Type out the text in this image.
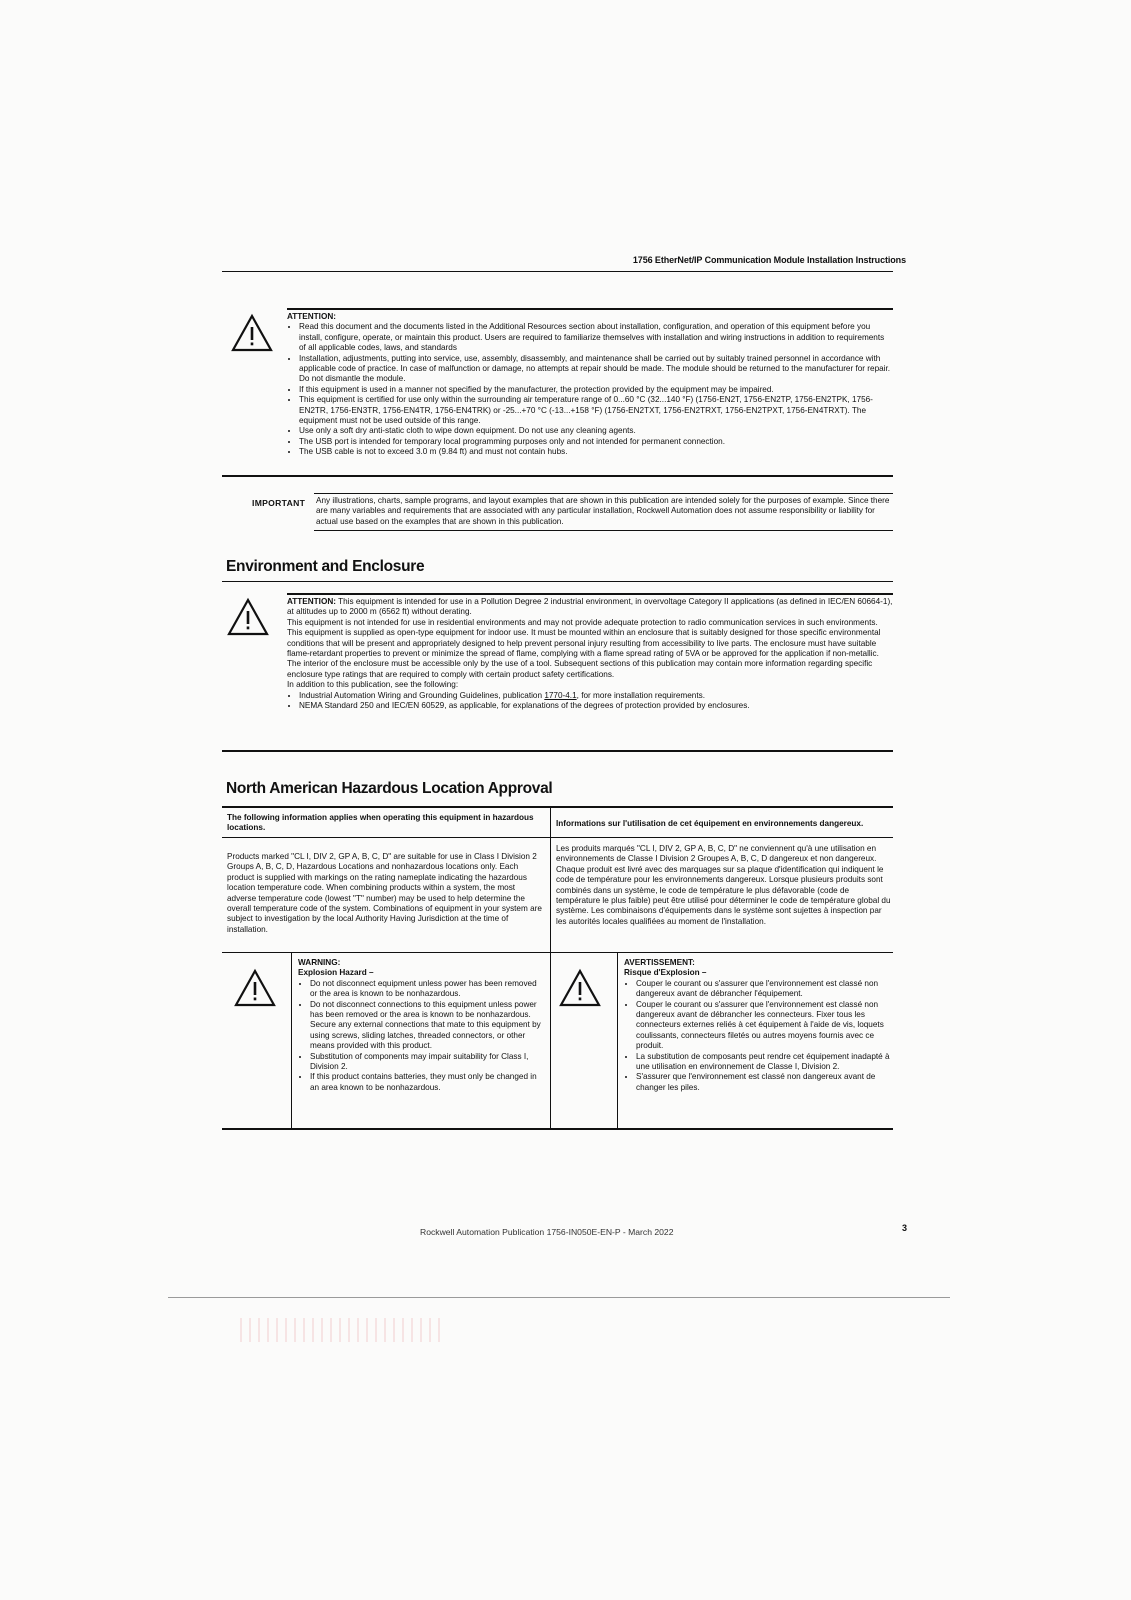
1756 EtherNet/IP Communication Module Installation Instructions
ATTENTION:
• Read this document and the documents listed in the Additional Resources section about installation, configuration, and operation of this equipment before you install, configure, operate, or maintain this product. Users are required to familiarize themselves with installation and wiring instructions in addition to requirements of all applicable codes, laws, and standards
• Installation, adjustments, putting into service, use, assembly, disassembly, and maintenance shall be carried out by suitably trained personnel in accordance with applicable code of practice. In case of malfunction or damage, no attempts at repair should be made. The module should be returned to the manufacturer for repair. Do not dismantle the module.
• If this equipment is used in a manner not specified by the manufacturer, the protection provided by the equipment may be impaired.
• This equipment is certified for use only within the surrounding air temperature range of 0...60 °C (32...140 °F) (1756-EN2T, 1756-EN2TP, 1756-EN2TPK, 1756-EN2TR, 1756-EN3TR, 1756-EN4TR, 1756-EN4TRK) or -25...+70 °C (-13...+158 °F) (1756-EN2TXT, 1756-EN2TRXT, 1756-EN2TPXT, 1756-EN4TRXT). The equipment must not be used outside of this range.
• Use only a soft dry anti-static cloth to wipe down equipment. Do not use any cleaning agents.
• The USB port is intended for temporary local programming purposes only and not intended for permanent connection.
• The USB cable is not to exceed 3.0 m (9.84 ft) and must not contain hubs.
IMPORTANT Any illustrations, charts, sample programs, and layout examples that are shown in this publication are intended solely for the purposes of example. Since there are many variables and requirements that are associated with any particular installation, Rockwell Automation does not assume responsibility or liability for actual use based on the examples that are shown in this publication.
Environment and Enclosure
ATTENTION: This equipment is intended for use in a Pollution Degree 2 industrial environment, in overvoltage Category II applications (as defined in IEC/EN 60664-1), at altitudes up to 2000 m (6562 ft) without derating.
This equipment is not intended for use in residential environments and may not provide adequate protection to radio communication services in such environments.
This equipment is supplied as open-type equipment for indoor use. It must be mounted within an enclosure that is suitably designed for those specific environmental conditions that will be present and appropriately designed to help prevent personal injury resulting from accessibility to live parts. The enclosure must have suitable flame-retardant properties to prevent or minimize the spread of flame, complying with a flame spread rating of 5VA or be approved for the application if non-metallic. The interior of the enclosure must be accessible only by the use of a tool. Subsequent sections of this publication may contain more information regarding specific enclosure type ratings that are required to comply with certain product safety certifications.
In addition to this publication, see the following:
• Industrial Automation Wiring and Grounding Guidelines, publication 1770-4.1, for more installation requirements.
• NEMA Standard 250 and IEC/EN 60529, as applicable, for explanations of the degrees of protection provided by enclosures.
North American Hazardous Location Approval
The following information applies when operating this equipment in hazardous locations.	Informations sur l'utilisation de cet équipement en environnements dangereux.
Products marked "CL I, DIV 2, GP A, B, C, D" are suitable for use in Class I Division 2 Groups A, B, C, D, Hazardous Locations and nonhazardous locations only. Each product is supplied with markings on the rating nameplate indicating the hazardous location temperature code. When combining products within a system, the most adverse temperature code (lowest "T" number) may be used to help determine the overall temperature code of the system. Combinations of equipment in your system are subject to investigation by the local Authority Having Jurisdiction at the time of installation.
Les produits marqués "CL I, DIV 2, GP A, B, C, D" ne conviennent qu'à une utilisation en environnements de Classe I Division 2 Groupes A, B, C, D dangereux et non dangereux. Chaque produit est livré avec des marquages sur sa plaque d'identification qui indiquent le code de température pour les environnements dangereux. Lorsque plusieurs produits sont combinés dans un système, le code de température le plus défavorable (code de température le plus faible) peut être utilisé pour déterminer le code de température global du système. Les combinaisons d'équipements dans le système sont sujettes à inspection par les autorités locales qualifiées au moment de l'installation.
WARNING:
Explosion Hazard –
• Do not disconnect equipment unless power has been removed or the area is known to be nonhazardous.
• Do not disconnect connections to this equipment unless power has been removed or the area is known to be nonhazardous. Secure any external connections that mate to this equipment by using screws, sliding latches, threaded connectors, or other means provided with this product.
• Substitution of components may impair suitability for Class I, Division 2.
• If this product contains batteries, they must only be changed in an area known to be nonhazardous.
AVERTISSEMENT:
Risque d'Explosion –
• Couper le courant ou s'assurer que l'environnement est classé non dangereux avant de débrancher l'équipement.
• Couper le courant ou s'assurer que l'environnement est classé non dangereux avant de débrancher les connecteurs. Fixer tous les connecteurs externes reliés à cet équipement à l'aide de vis, loquets coulissants, connecteurs filetés ou autres moyens fournis avec ce produit.
• La substitution de composants peut rendre cet équipement inadapté à une utilisation en environnement de Classe I, Division 2.
• S'assurer que l'environnement est classé non dangereux avant de changer les piles.
Rockwell Automation Publication 1756-IN050E-EN-P - March 2022	3
